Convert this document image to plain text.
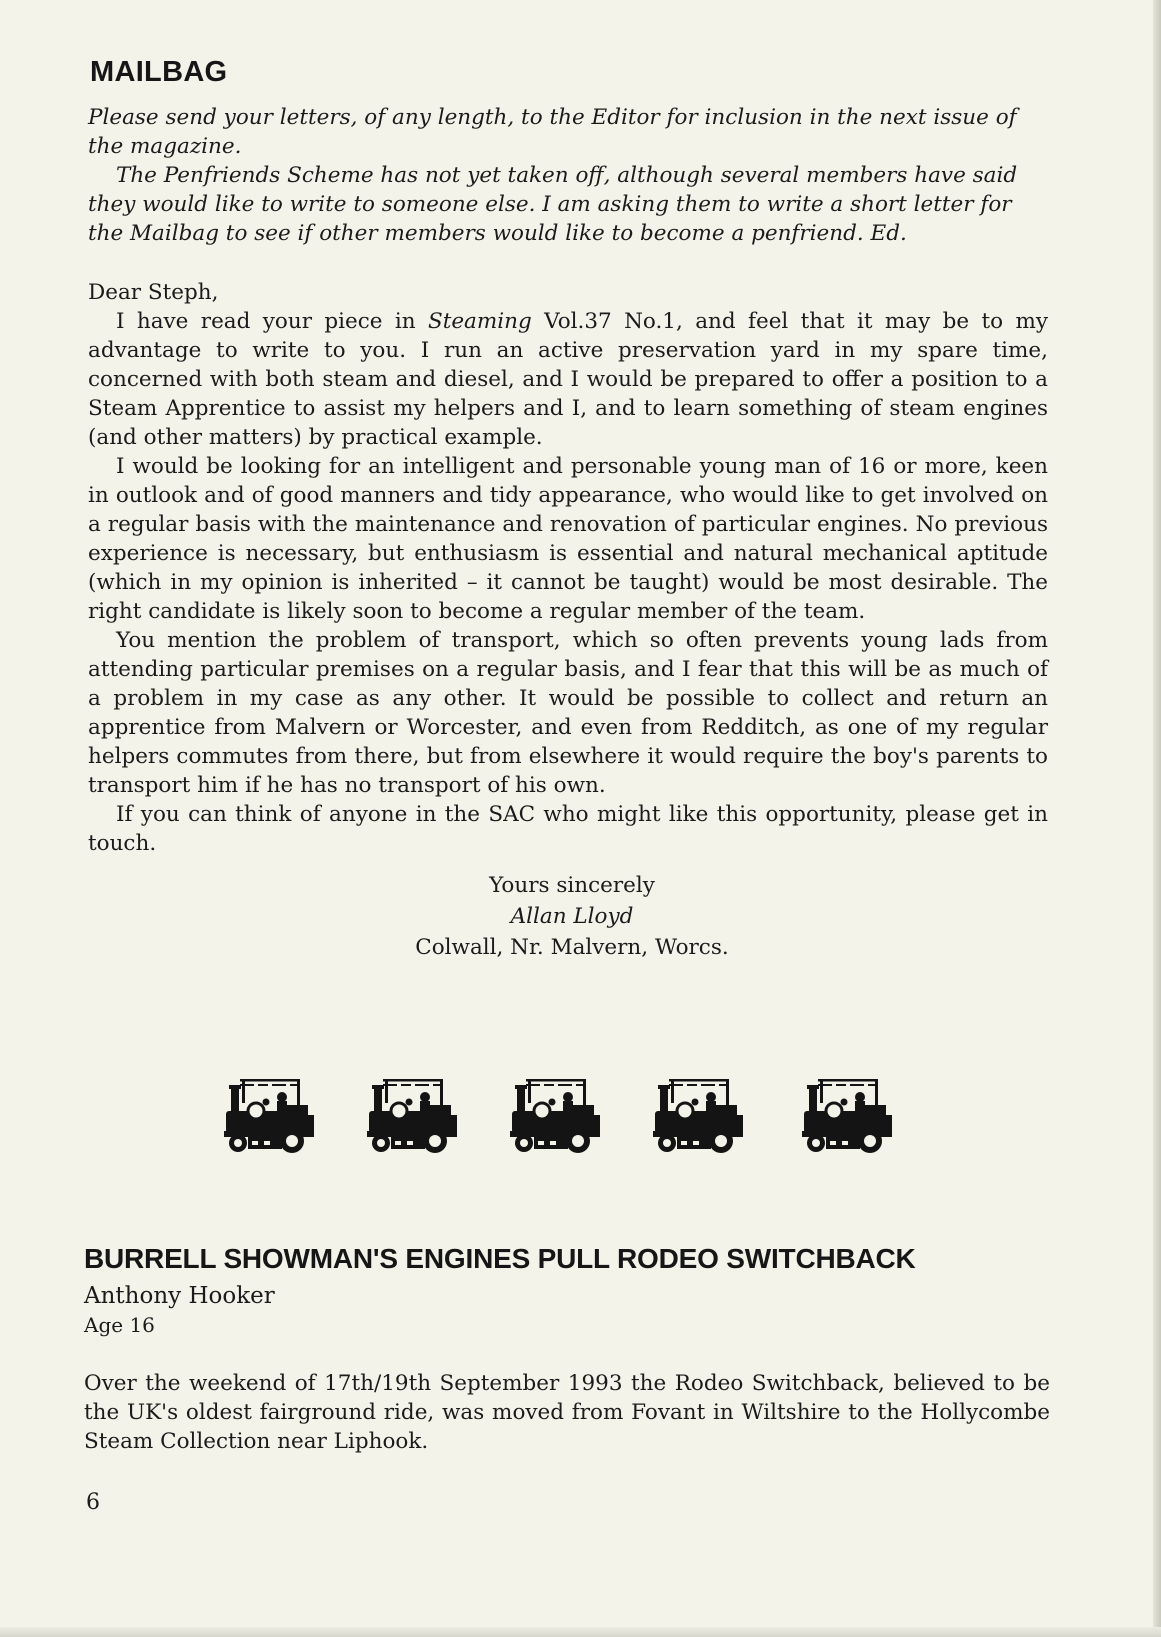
MAILBAG

Please send your letters, of any length, to the Editor for inclusion in the next issue of the magazine.

The Penfriends Scheme has not yet taken off, although several members have said they would like to write to someone else. I am asking them to write a short letter for the Mailbag to see if other members would like to become a penfriend. Ed.

Dear Steph,

I have read your piece in Steaming Vol.37 No.1, and feel that it may be to my advantage to write to you. I run an active preservation yard in my spare time, concerned with both steam and diesel, and I would be prepared to offer a position to a Steam Apprentice to assist my helpers and I, and to learn something of steam engines (and other matters) by practical example.

I would be looking for an intelligent and personable young man of 16 or more, keen in outlook and of good manners and tidy appearance, who would like to get involved on a regular basis with the maintenance and renovation of particular engines. No previous experience is necessary, but enthusiasm is essential and natural mechanical aptitude (which in my opinion is inherited – it cannot be taught) would be most desirable. The right candidate is likely soon to become a regular member of the team.

You mention the problem of transport, which so often prevents young lads from attending particular premises on a regular basis, and I fear that this will be as much of a problem in my case as any other. It would be possible to collect and return an apprentice from Malvern or Worcester, and even from Redditch, as one of my regular helpers commutes from there, but from elsewhere it would require the boy's parents to transport him if he has no transport of his own.

If you can think of anyone in the SAC who might like this opportunity, please get in touch.

Yours sincerely
Allan Lloyd
Colwall, Nr. Malvern, Worcs.
BURRELL SHOWMAN'S ENGINES PULL RODEO SWITCHBACK
Anthony Hooker
Age 16
Over the weekend of 17th/19th September 1993 the Rodeo Switchback, believed to be the UK's oldest fairground ride, was moved from Fovant in Wiltshire to the Hollycombe Steam Collection near Liphook.
6
